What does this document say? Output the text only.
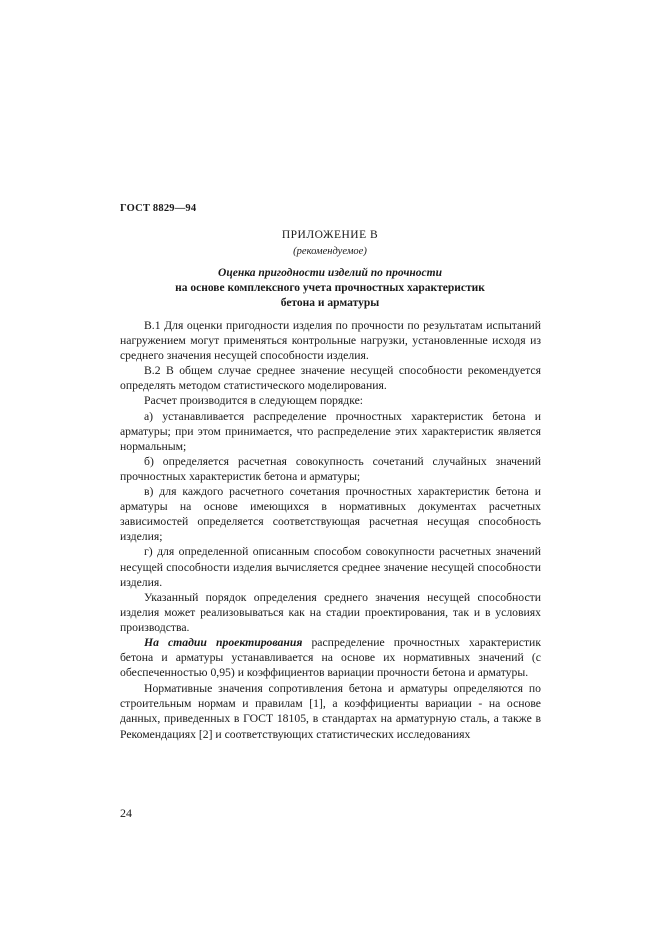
ГОСТ 8829—94
ПРИЛОЖЕНИЕ В
(рекомендуемое)
Оценка пригодности изделий по прочности
на основе комплексного учета прочностных характеристик
бетона и арматуры

В.1 Для оценки пригодности изделия по прочности по результатам испытаний нагружением могут применяться контрольные нагрузки, установленные исходя из среднего значения несущей способности изделия.

В.2 В общем случае среднее значение несущей способности рекомендуется определять методом статистического моделирования.

Расчет производится в следующем порядке:

а) устанавливается распределение прочностных характеристик бетона и арматуры; при этом принимается, что распределение этих характеристик является нормальным;

б) определяется расчетная совокупность сочетаний случайных значений прочностных характеристик бетона и арматуры;

в) для каждого расчетного сочетания прочностных характеристик бетона и арматуры на основе имеющихся в нормативных документах расчетных зависимостей определяется соответствующая расчетная несущая способность изделия;

г) для определенной описанным способом совокупности расчетных значений несущей способности изделия вычисляется среднее значение несущей способности изделия.

Указанный порядок определения среднего значения несущей способности изделия может реализовываться как на стадии проектирования, так и в условиях производства.

На стадии проектирования распределение прочностных характеристик бетона и арматуры устанавливается на основе их нормативных значений (с обеспеченностью 0,95) и коэффициентов вариации прочности бетона и арматуры.

Нормативные значения сопротивления бетона и арматуры определяются по строительным нормам и правилам [1], а коэффициенты вариации - на основе данных, приведенных в ГОСТ 18105, в стандартах на арматурную сталь, а также в Рекомендациях [2] и соответствующих статистических исследованиях

24
